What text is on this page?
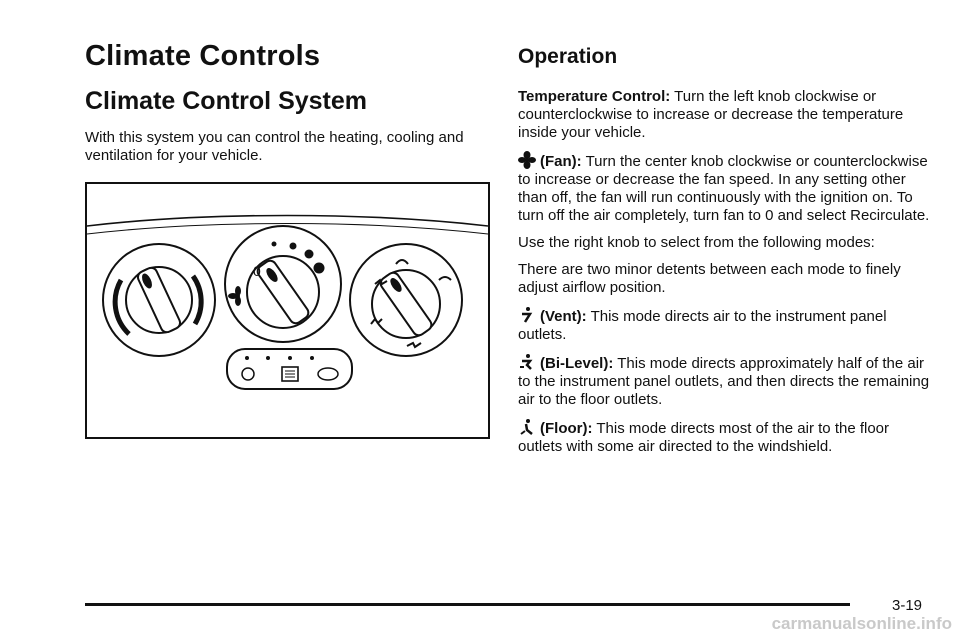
Climate Controls
Climate Control System

With this system you can control the heating, cooling and ventilation for your vehicle.

0
Operation

Temperature Control: Turn the left knob clockwise or counterclockwise to increase or decrease the temperature inside your vehicle.

(Fan): Turn the center knob clockwise or counterclockwise to increase or decrease the fan speed. In any setting other than off, the fan will run continuously with the ignition on. To turn off the air completely, turn fan to 0 and select Recirculate.

Use the right knob to select from the following modes:

There are two minor detents between each mode to finely adjust airflow position.

(Vent): This mode directs air to the instrument panel outlets.

(Bi-Level): This mode directs approximately half of the air to the instrument panel outlets, and then directs the remaining air to the floor outlets.

(Floor): This mode directs most of the air to the floor outlets with some air directed to the windshield.

3-19
carmanualsonline.info
